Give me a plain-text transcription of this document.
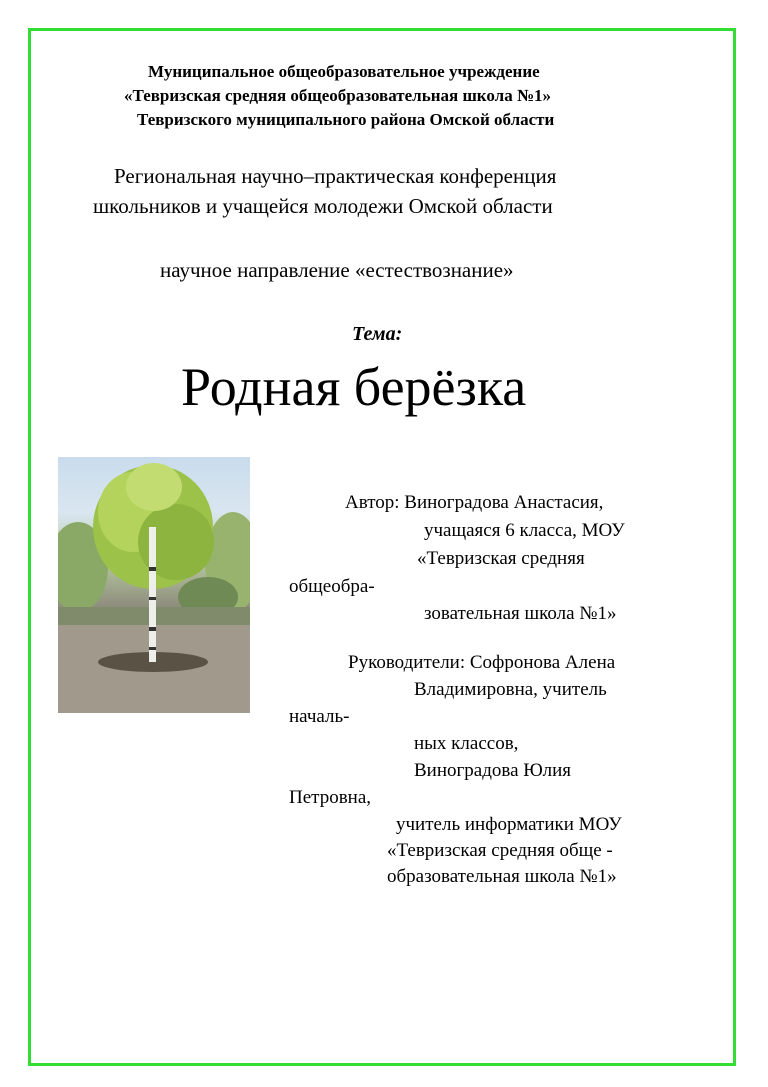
Муниципальное общеобразовательное учреждение
«Тевризская средняя общеобразовательная школа №1»
Тевризского муниципального района Омской области
Региональная научно–практическая конференция
школьников и учащейся молодежи Омской области
научное направление «естествознание»
Тема:
Родная берёзка
Автор: Виноградова Анастасия,
учащаяся 6 класса, МОУ
«Тевризская средняя
общеобра-
зовательная школа №1»
Руководители: Софронова Алена
Владимировна, учитель
началь-
ных классов,
Виноградова Юлия
Петровна,
учитель информатики МОУ
«Тевризская средняя обще -
образовательная школа №1»
